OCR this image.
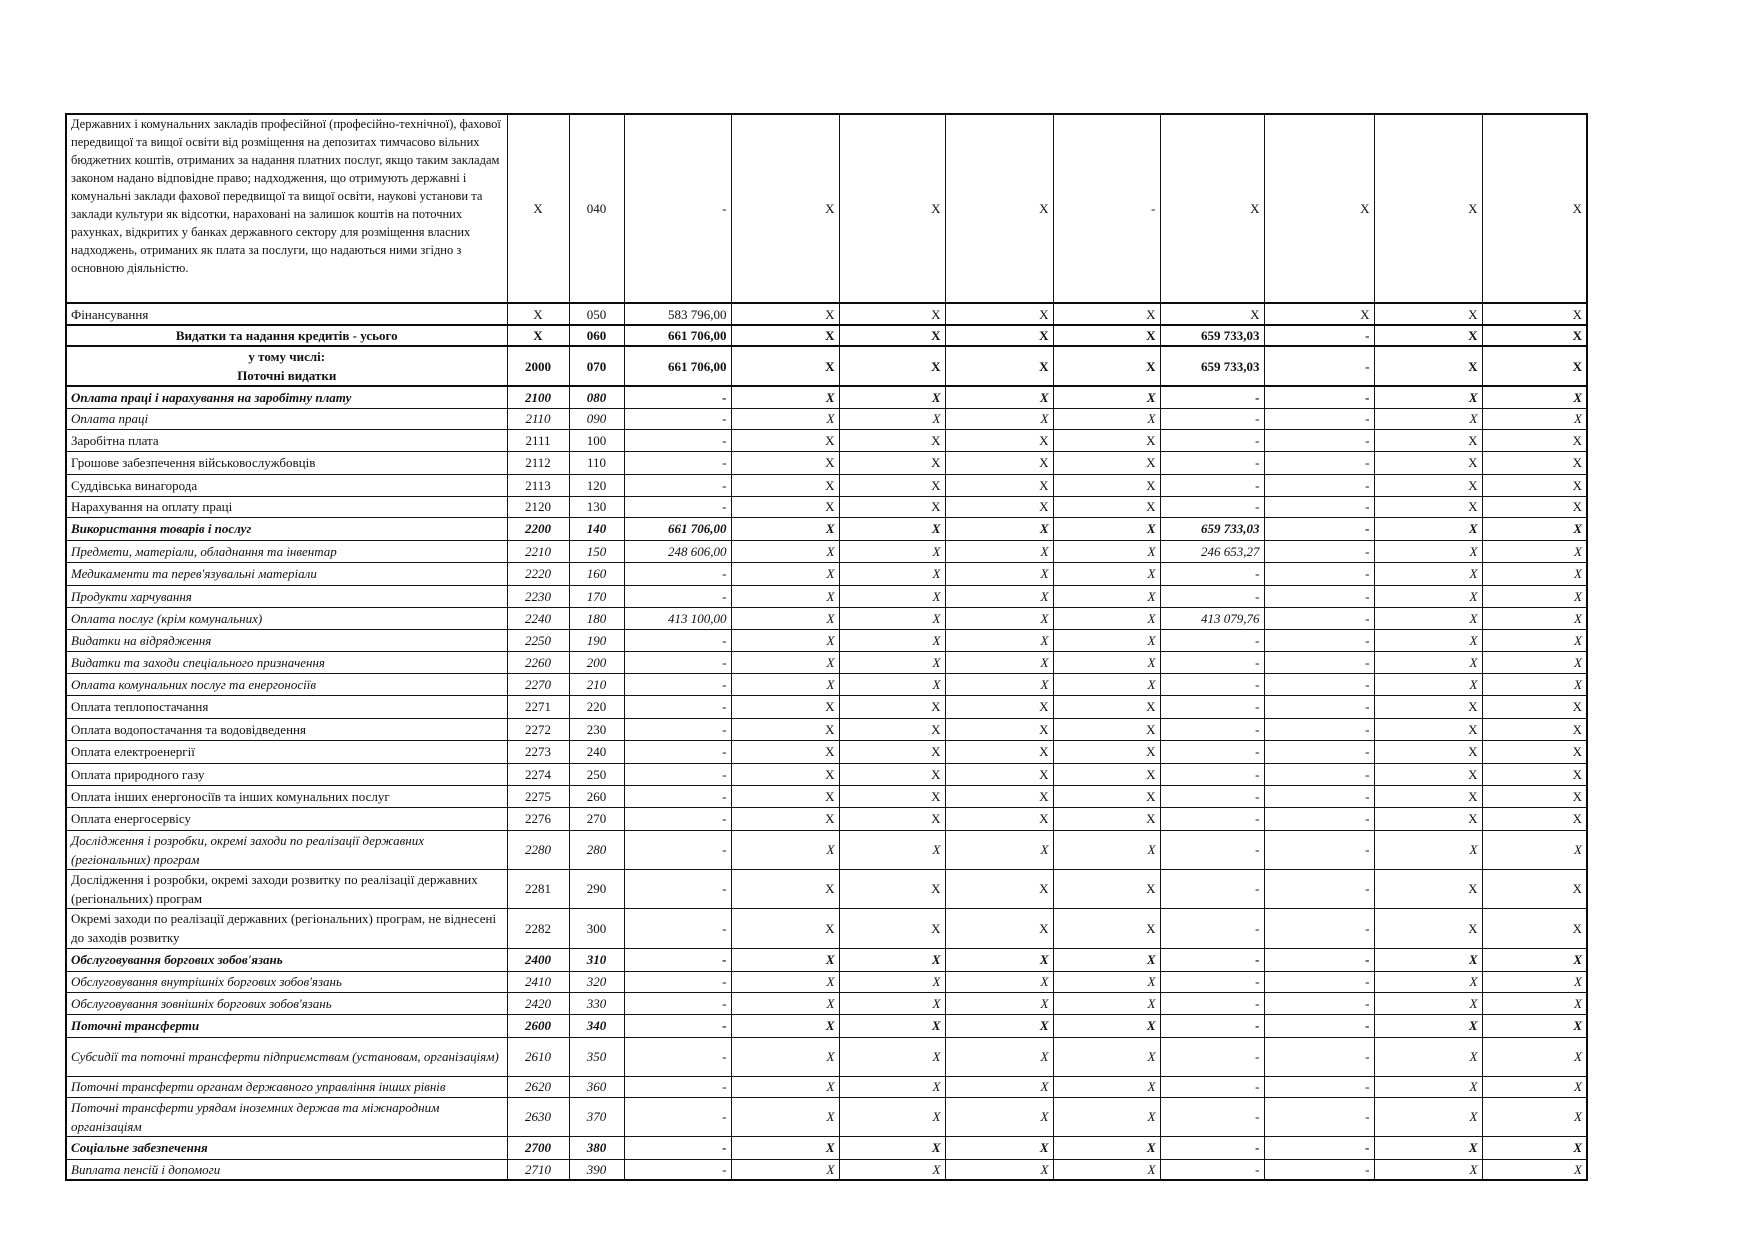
Державних і комунальних закладів професійної (професійно-технічної), фахової передвищої та вищої освіти від розміщення на депозитах тимчасово вільних бюджетних коштів, отриманих за надання платних послуг, якщо таким закладам законом надано відповідне право; надходження, що отримують державні і комунальні заклади фахової передвищої та вищої освіти, наукові установи та заклади культури як відсотки, нараховані на залишок коштів на поточних рахунках, відкритих у банках державного сектору для розміщення власних надходжень, отриманих як плата за послуги, що надаються ними згідно з основною діяльністю.	X	040	-	X	X	X	-	X	X	X	X
Фінансування	X	050	583 796,00	X	X	X	X	X	X	X	X
Видатки та надання кредитів - усього	X	060	661 706,00	X	X	X	X	659 733,03	-	X	X
у тому числі:
Поточні видатки	2000	070	661 706,00	X	X	X	X	659 733,03	-	X	X
Оплата праці і нарахування на заробітну плату	2100	080	-	X	X	X	X	-	-	X	X
Оплата праці	2110	090	-	X	X	X	X	-	-	X	X
Заробітна плата	2111	100	-	X	X	X	X	-	-	X	X
Грошове забезпечення військовослужбовців	2112	110	-	X	X	X	X	-	-	X	X
Суддівська винагорода	2113	120	-	X	X	X	X	-	-	X	X
Нарахування на оплату праці	2120	130	-	X	X	X	X	-	-	X	X
Використання товарів і послуг	2200	140	661 706,00	X	X	X	X	659 733,03	-	X	X
Предмети, матеріали, обладнання та інвентар	2210	150	248 606,00	X	X	X	X	246 653,27	-	X	X
Медикаменти та перев'язувальні матеріали	2220	160	-	X	X	X	X	-	-	X	X
Продукти харчування	2230	170	-	X	X	X	X	-	-	X	X
Оплата послуг (крім комунальних)	2240	180	413 100,00	X	X	X	X	413 079,76	-	X	X
Видатки на відрядження	2250	190	-	X	X	X	X	-	-	X	X
Видатки та заходи спеціального призначення	2260	200	-	X	X	X	X	-	-	X	X
Оплата комунальних послуг та енергоносіїв	2270	210	-	X	X	X	X	-	-	X	X
Оплата теплопостачання	2271	220	-	X	X	X	X	-	-	X	X
Оплата водопостачання та водовідведення	2272	230	-	X	X	X	X	-	-	X	X
Оплата електроенергії	2273	240	-	X	X	X	X	-	-	X	X
Оплата природного газу	2274	250	-	X	X	X	X	-	-	X	X
Оплата інших енергоносіїв та інших комунальних послуг	2275	260	-	X	X	X	X	-	-	X	X
Оплата енергосервісу	2276	270	-	X	X	X	X	-	-	X	X
Дослідження і розробки, окремі заходи по реалізації державних (регіональних) програм	2280	280	-	X	X	X	X	-	-	X	X
Дослідження і розробки, окремі заходи розвитку по реалізації державних (регіональних) програм	2281	290	-	X	X	X	X	-	-	X	X
Окремі заходи по реалізації державних (регіональних) програм, не віднесені до заходів розвитку	2282	300	-	X	X	X	X	-	-	X	X
Обслуговування боргових зобов'язань	2400	310	-	X	X	X	X	-	-	X	X
Обслуговування внутрішніх боргових зобов'язань	2410	320	-	X	X	X	X	-	-	X	X
Обслуговування зовнішніх боргових зобов'язань	2420	330	-	X	X	X	X	-	-	X	X
Поточні трансферти	2600	340	-	X	X	X	X	-	-	X	X
Субсидії та поточні трансферти підприємствам (установам, організаціям)	2610	350	-	X	X	X	X	-	-	X	X
Поточні трансферти органам державного управління інших рівнів	2620	360	-	X	X	X	X	-	-	X	X
Поточні трансферти урядам іноземних держав та міжнародним організаціям	2630	370	-	X	X	X	X	-	-	X	X
Соціальне забезпечення	2700	380	-	X	X	X	X	-	-	X	X
Виплата пенсій і допомоги	2710	390	-	X	X	X	X	-	-	X	X
